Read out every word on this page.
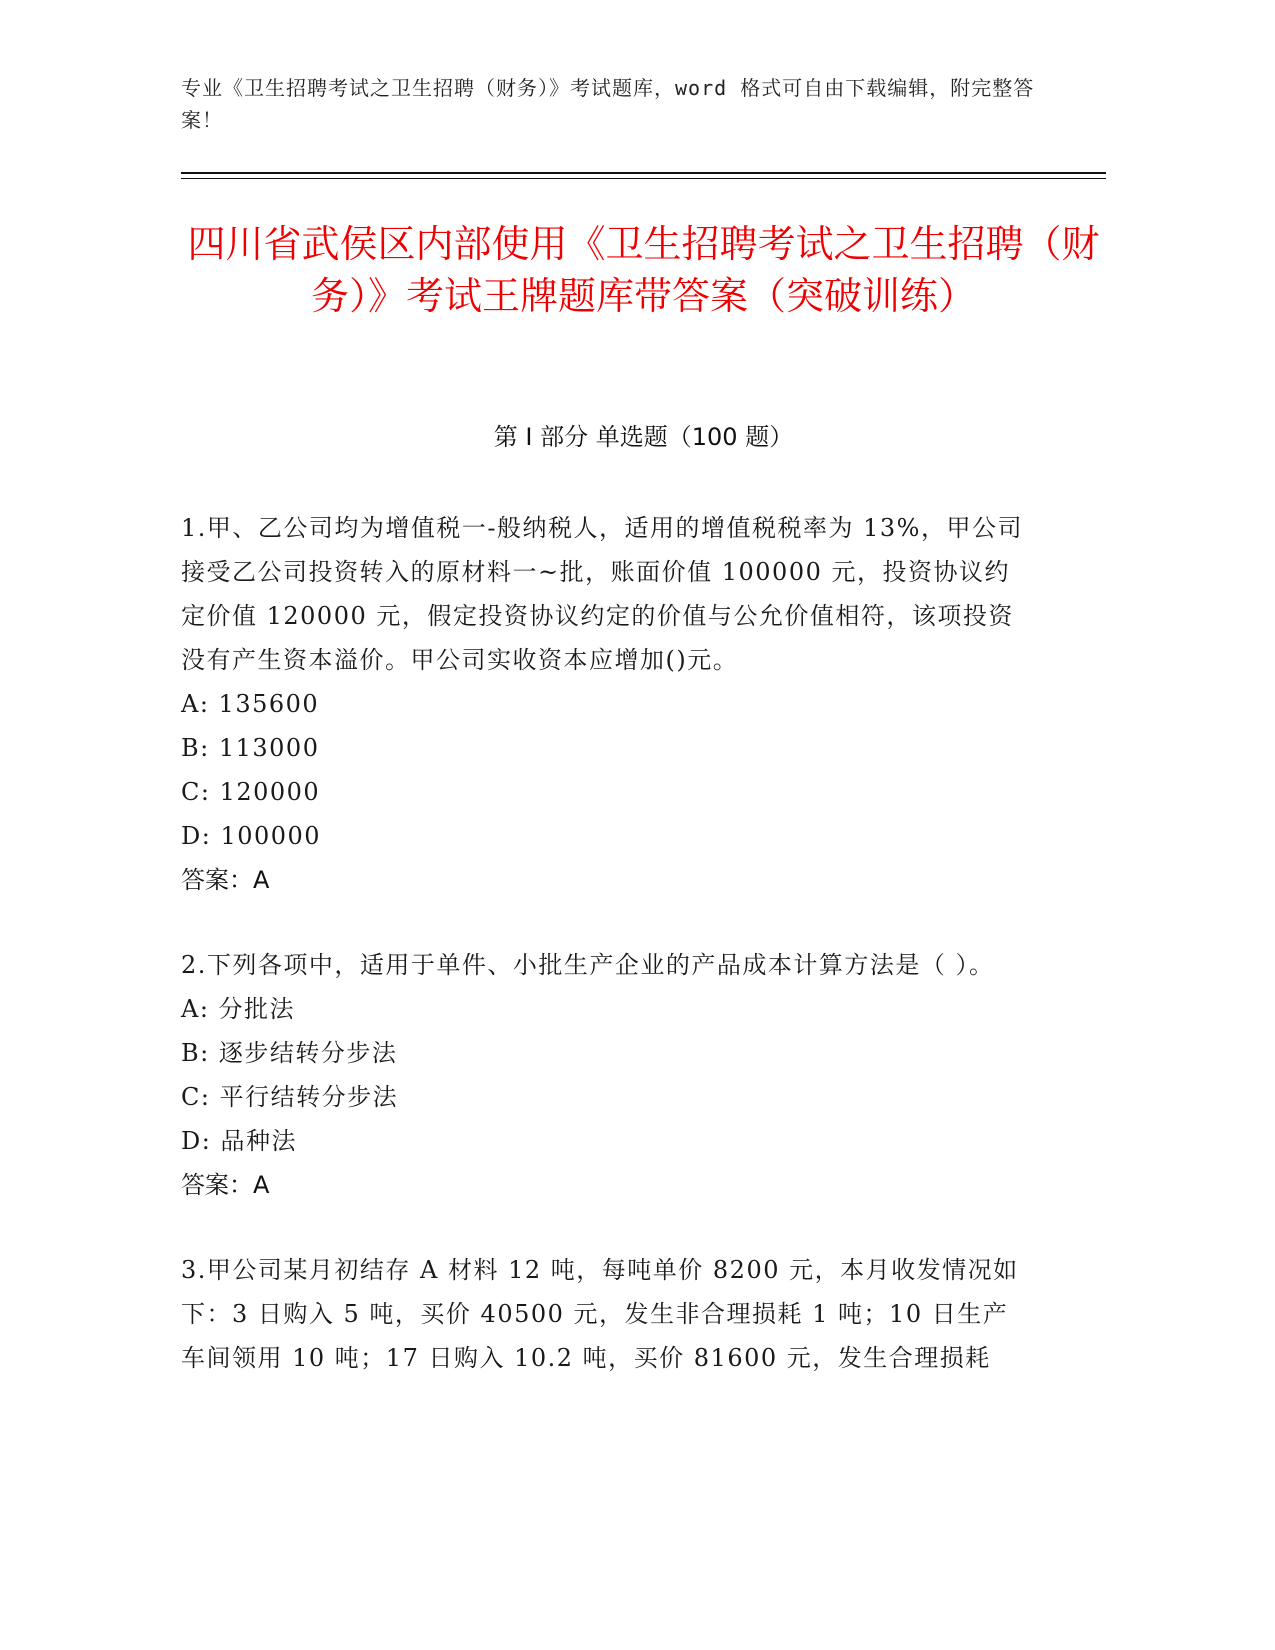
专业《卫生招聘考试之卫生招聘（财务）》考试题库，word 格式可自由下载编辑，附完整答案！
四川省武侯区内部使用《卫生招聘考试之卫生招聘（财务）》考试王牌题库带答案（突破训练）
第 I 部分 单选题（100 题）

1.甲、乙公司均为增值税一-般纳税人，适用的增值税税率为 13%，甲公司接受乙公司投资转入的原材料一~批，账面价值 100000 元，投资协议约定价值 120000 元，假定投资协议约定的价值与公允价值相符，该项投资没有产生资本溢价。甲公司实收资本应增加()元。

A: 135600

B: 113000

C: 120000

D: 100000

答案：A

2.下列各项中，适用于单件、小批生产企业的产品成本计算方法是（ ）。

A: 分批法

B: 逐步结转分步法

C: 平行结转分步法

D: 品种法

答案：A

3.甲公司某月初结存 A 材料 12 吨，每吨单价 8200 元，本月收发情况如下：3 日购入 5 吨，买价 40500 元，发生非合理损耗 1 吨；10 日生产车间领用 10 吨；17 日购入 10.2 吨，买价 81600 元，发生合理损耗
